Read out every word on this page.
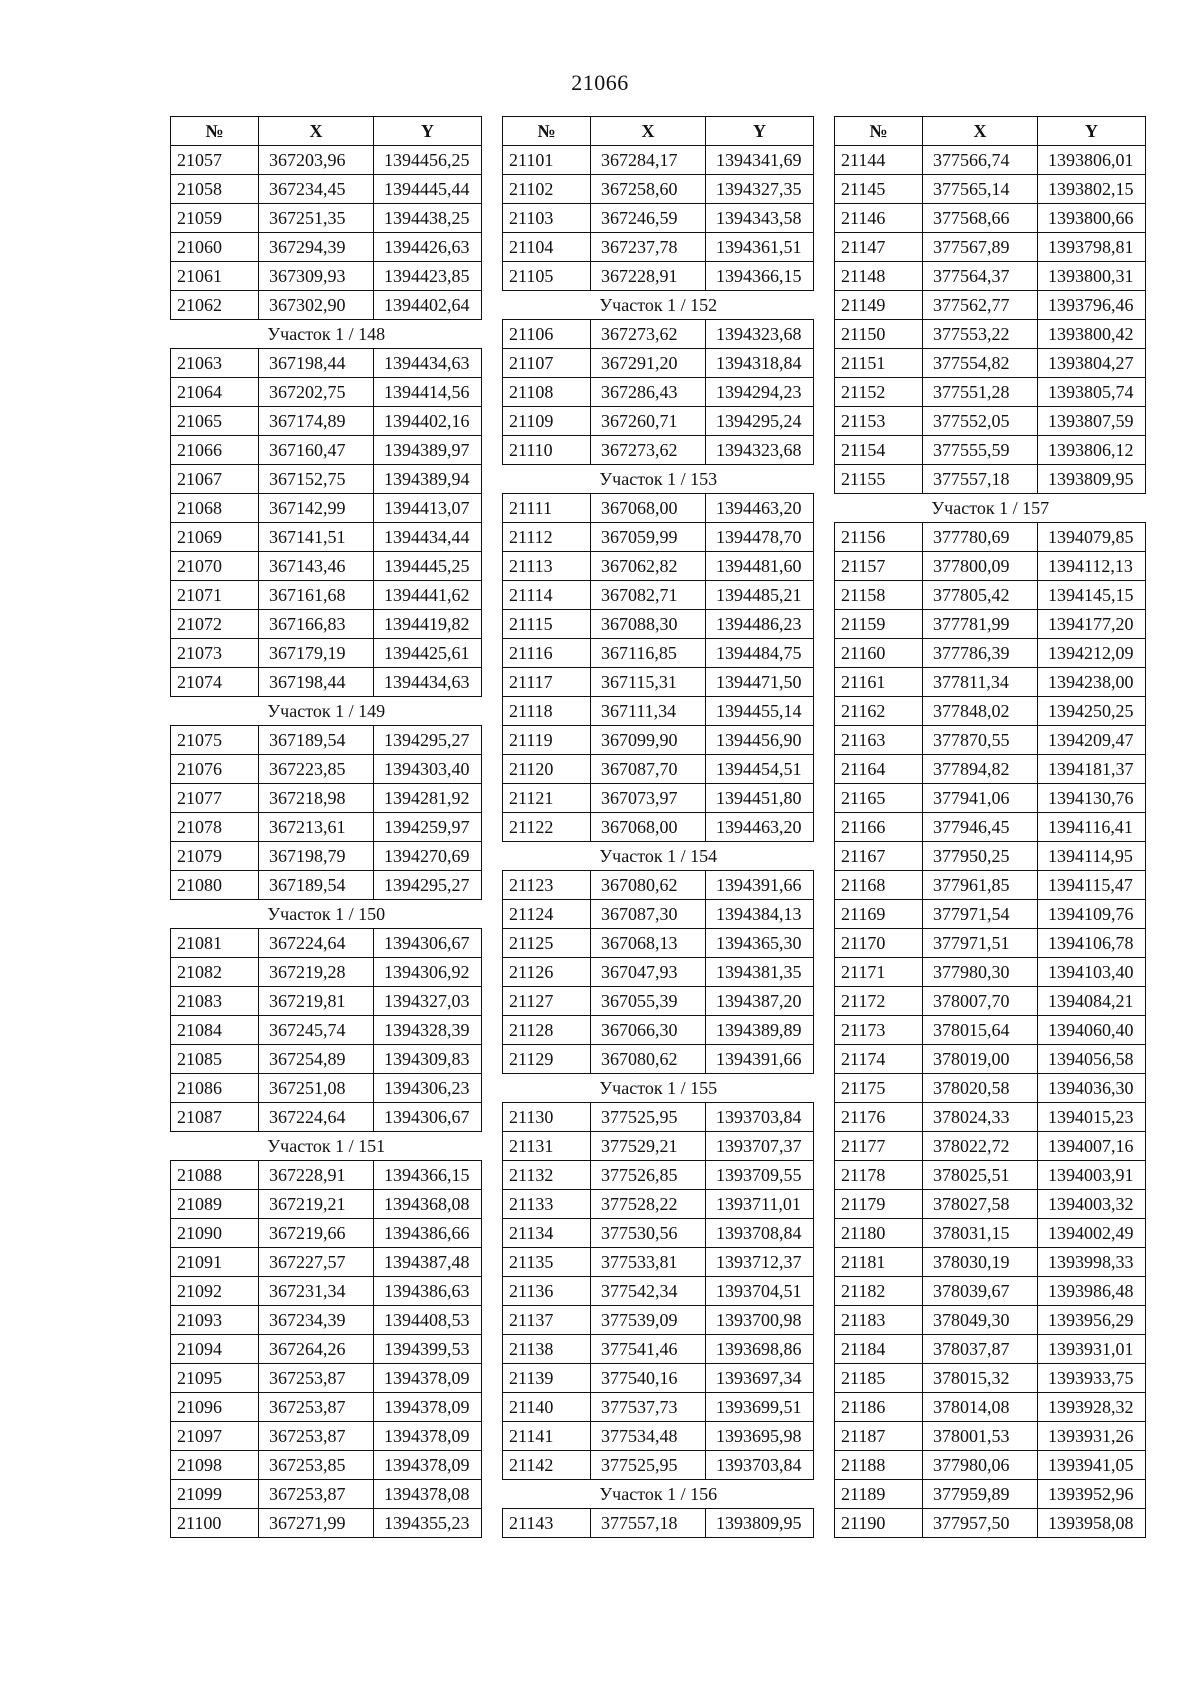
21066
№	X	Y
21057	367203,96	1394456,25
21058	367234,45	1394445,44
21059	367251,35	1394438,25
21060	367294,39	1394426,63
21061	367309,93	1394423,85
21062	367302,90	1394402,64
Участок 1 / 148		
21063	367198,44	1394434,63
21064	367202,75	1394414,56
21065	367174,89	1394402,16
21066	367160,47	1394389,97
21067	367152,75	1394389,94
21068	367142,99	1394413,07
21069	367141,51	1394434,44
21070	367143,46	1394445,25
21071	367161,68	1394441,62
21072	367166,83	1394419,82
21073	367179,19	1394425,61
21074	367198,44	1394434,63
Участок 1 / 149		
21075	367189,54	1394295,27
21076	367223,85	1394303,40
21077	367218,98	1394281,92
21078	367213,61	1394259,97
21079	367198,79	1394270,69
21080	367189,54	1394295,27
Участок 1 / 150		
21081	367224,64	1394306,67
21082	367219,28	1394306,92
21083	367219,81	1394327,03
21084	367245,74	1394328,39
21085	367254,89	1394309,83
21086	367251,08	1394306,23
21087	367224,64	1394306,67
Участок 1 / 151		
21088	367228,91	1394366,15
21089	367219,21	1394368,08
21090	367219,66	1394386,66
21091	367227,57	1394387,48
21092	367231,34	1394386,63
21093	367234,39	1394408,53
21094	367264,26	1394399,53
21095	367253,87	1394378,09
21096	367253,87	1394378,09
21097	367253,87	1394378,09
21098	367253,85	1394378,09
21099	367253,87	1394378,08
21100	367271,99	1394355,23
№	X	Y
21101	367284,17	1394341,69
21102	367258,60	1394327,35
21103	367246,59	1394343,58
21104	367237,78	1394361,51
21105	367228,91	1394366,15
Участок 1 / 152		
21106	367273,62	1394323,68
21107	367291,20	1394318,84
21108	367286,43	1394294,23
21109	367260,71	1394295,24
21110	367273,62	1394323,68
Участок 1 / 153		
21111	367068,00	1394463,20
21112	367059,99	1394478,70
21113	367062,82	1394481,60
21114	367082,71	1394485,21
21115	367088,30	1394486,23
21116	367116,85	1394484,75
21117	367115,31	1394471,50
21118	367111,34	1394455,14
21119	367099,90	1394456,90
21120	367087,70	1394454,51
21121	367073,97	1394451,80
21122	367068,00	1394463,20
Участок 1 / 154		
21123	367080,62	1394391,66
21124	367087,30	1394384,13
21125	367068,13	1394365,30
21126	367047,93	1394381,35
21127	367055,39	1394387,20
21128	367066,30	1394389,89
21129	367080,62	1394391,66
Участок 1 / 155		
21130	377525,95	1393703,84
21131	377529,21	1393707,37
21132	377526,85	1393709,55
21133	377528,22	1393711,01
21134	377530,56	1393708,84
21135	377533,81	1393712,37
21136	377542,34	1393704,51
21137	377539,09	1393700,98
21138	377541,46	1393698,86
21139	377540,16	1393697,34
21140	377537,73	1393699,51
21141	377534,48	1393695,98
21142	377525,95	1393703,84
Участок 1 / 156		
21143	377557,18	1393809,95
№	X	Y
21144	377566,74	1393806,01
21145	377565,14	1393802,15
21146	377568,66	1393800,66
21147	377567,89	1393798,81
21148	377564,37	1393800,31
21149	377562,77	1393796,46
21150	377553,22	1393800,42
21151	377554,82	1393804,27
21152	377551,28	1393805,74
21153	377552,05	1393807,59
21154	377555,59	1393806,12
21155	377557,18	1393809,95
Участок 1 / 157		
21156	377780,69	1394079,85
21157	377800,09	1394112,13
21158	377805,42	1394145,15
21159	377781,99	1394177,20
21160	377786,39	1394212,09
21161	377811,34	1394238,00
21162	377848,02	1394250,25
21163	377870,55	1394209,47
21164	377894,82	1394181,37
21165	377941,06	1394130,76
21166	377946,45	1394116,41
21167	377950,25	1394114,95
21168	377961,85	1394115,47
21169	377971,54	1394109,76
21170	377971,51	1394106,78
21171	377980,30	1394103,40
21172	378007,70	1394084,21
21173	378015,64	1394060,40
21174	378019,00	1394056,58
21175	378020,58	1394036,30
21176	378024,33	1394015,23
21177	378022,72	1394007,16
21178	378025,51	1394003,91
21179	378027,58	1394003,32
21180	378031,15	1394002,49
21181	378030,19	1393998,33
21182	378039,67	1393986,48
21183	378049,30	1393956,29
21184	378037,87	1393931,01
21185	378015,32	1393933,75
21186	378014,08	1393928,32
21187	378001,53	1393931,26
21188	377980,06	1393941,05
21189	377959,89	1393952,96
21190	377957,50	1393958,08
